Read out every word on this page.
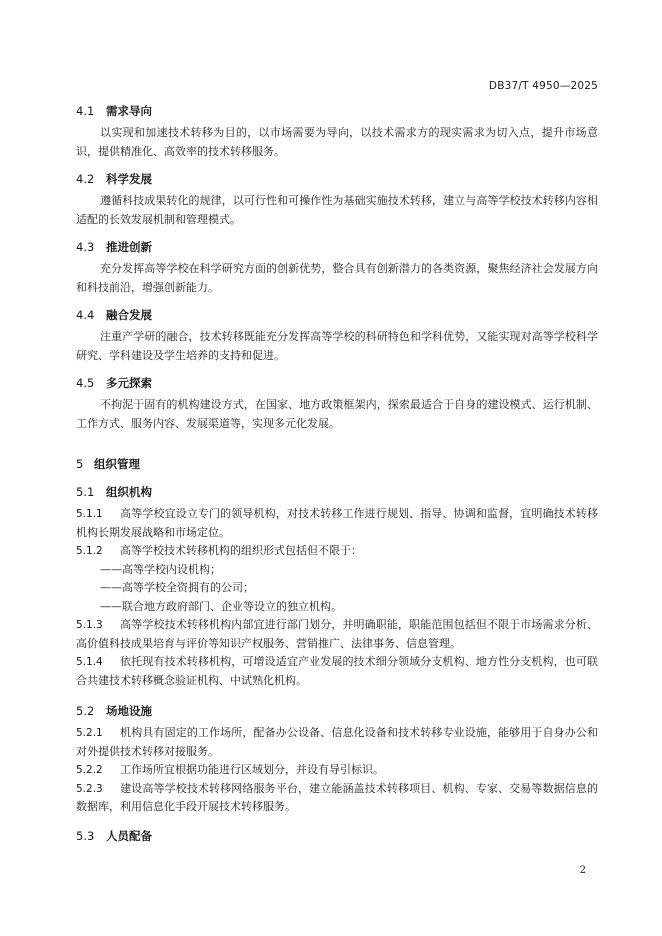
DB37/T 4950—2025
4.1 需求导向

以实现和加速技术转移为目的，以市场需要为导向，以技术需求方的现实需求为切入点，提升市场意识，提供精准化、高效率的技术转移服务。

4.2 科学发展

遵循科技成果转化的规律，以可行性和可操作性为基础实施技术转移，建立与高等学校技术转移内容相适配的长效发展机制和管理模式。

4.3 推进创新

充分发挥高等学校在科学研究方面的创新优势，整合具有创新潜力的各类资源，聚焦经济社会发展方向和科技前沿，增强创新能力。

4.4 融合发展

注重产学研的融合，技术转移既能充分发挥高等学校的科研特色和学科优势，又能实现对高等学校科学研究、学科建设及学生培养的支持和促进。

4.5 多元探索

不拘泥于固有的机构建设方式，在国家、地方政策框架内，探索最适合于自身的建设模式、运行机制、工作方式、服务内容、发展渠道等，实现多元化发展。

5 组织管理
5.1 组织机构

5.1.1 高等学校宜设立专门的领导机构，对技术转移工作进行规划、指导、协调和监督，宜明确技术转移机构长期发展战略和市场定位。

5.1.2 高等学校技术转移机构的组织形式包括但不限于：

——高等学校内设机构；

——高等学校全资拥有的公司；

——联合地方政府部门、企业等设立的独立机构。

5.1.3 高等学校技术转移机构内部宜进行部门划分，并明确职能，职能范围包括但不限于市场需求分析、高价值科技成果培育与评价等知识产权服务、营销推广、法律事务、信息管理。

5.1.4 依托现有技术转移机构，可增设适宜产业发展的技术细分领域分支机构、地方性分支机构，也可联合共建技术转移概念验证机构、中试熟化机构。

5.2 场地设施

5.2.1 机构具有固定的工作场所，配备办公设备、信息化设备和技术转移专业设施，能够用于自身办公和对外提供技术转移对接服务。

5.2.2 工作场所宜根据功能进行区域划分，并设有导引标识。

5.2.3 建设高等学校技术转移网络服务平台，建立能涵盖技术转移项目、机构、专家、交易等数据信息的数据库，利用信息化手段开展技术转移服务。

5.3 人员配备
2
